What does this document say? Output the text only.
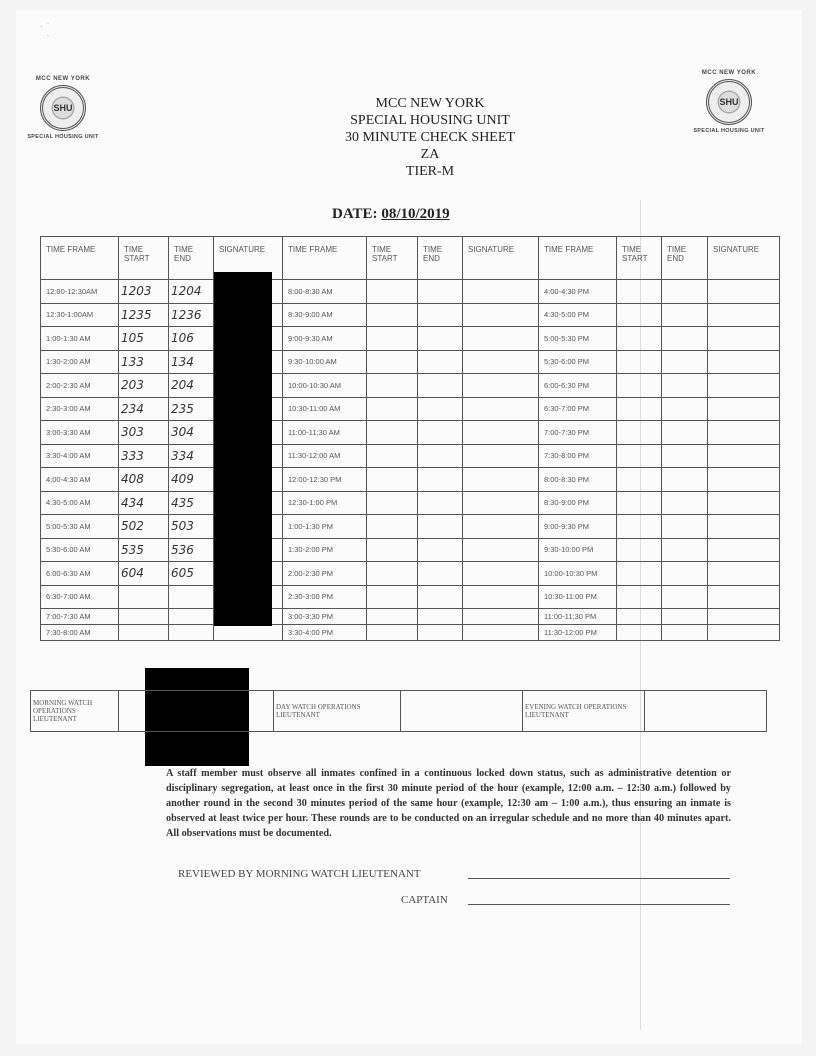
·  ˙
·
MCC NEW YORK
SHU
SPECIAL HOUSING UNIT
MCC NEW YORK
SHU
SPECIAL HOUSING UNIT
MCC NEW YORK
SPECIAL HOUSING UNIT
30 MINUTE CHECK SHEET
ZA
TIER-M
DATE: 08/10/2019
TIME FRAME	TIME START	TIME END	SIGNATURE	TIME FRAME	TIME START	TIME END	SIGNATURE	TIME FRAME	TIME START	TIME END	SIGNATURE
12:00-12:30AM	1203	1204		8:00-8:30 AM				4:00-4:30 PM			
12:30-1:00AM	1235	1236		8:30-9:00 AM				4:30-5:00 PM			
1:00-1:30 AM	105	106		9:00-9:30 AM				5:00-5:30 PM			
1:30-2:00 AM	133	134		9:30-10:00 AM				5:30-6:00 PM			
2:00-2:30 AM	203	204		10:00-10:30 AM				6:00-6:30 PM			
2:30-3:00 AM	234	235		10:30-11:00 AM				6:30-7:00 PM			
3:00-3:30 AM	303	304		11:00-11:30 AM				7:00-7:30 PM			
3:30-4:00 AM	333	334		11:30-12:00 AM				7:30-8:00 PM			
4:00-4:30 AM	408	409		12:00-12:30 PM				8:00-8:30 PM			
4:30-5:00 AM	434	435		12:30-1:00 PM				8:30-9:00 PM			
5:00-5:30 AM	502	503		1:00-1:30 PM				9:00-9:30 PM			
5:30-6:00 AM	535	536		1:30-2:00 PM				9:30-10:00 PM			
6:00-6:30 AM	604	605		2:00-2:30 PM				10:00-10:30 PM			
6:30-7:00 AM				2:30-3:00 PM				10:30-11:00 PM			
7:00-7:30 AM				3:00-3:30 PM				11:00-11:30 PM			
7:30-8:00 AM				3:30-4:00 PM				11:30-12:00 PM			
MORNING WATCH OPERATIONS LIEUTENANT		DAY WATCH OPERATIONS LIEUTENANT		EVENING WATCH OPERATIONS LIEUTENANT	
A staff member must observe all inmates confined in a continuous locked down status, such as administrative detention or disciplinary segregation, at least once in the first 30 minute period of the hour (example, 12:00 a.m. – 12:30 a.m.) followed by another round in the second 30 minutes period of the same hour (example, 12:30 am – 1:00 a.m.), thus ensuring an inmate is observed at least twice per hour. These rounds are to be conducted on an irregular schedule and no more than 40 minutes apart. All observations must be documented.
REVIEWED BY MORNING WATCH LIEUTENANT
CAPTAIN
